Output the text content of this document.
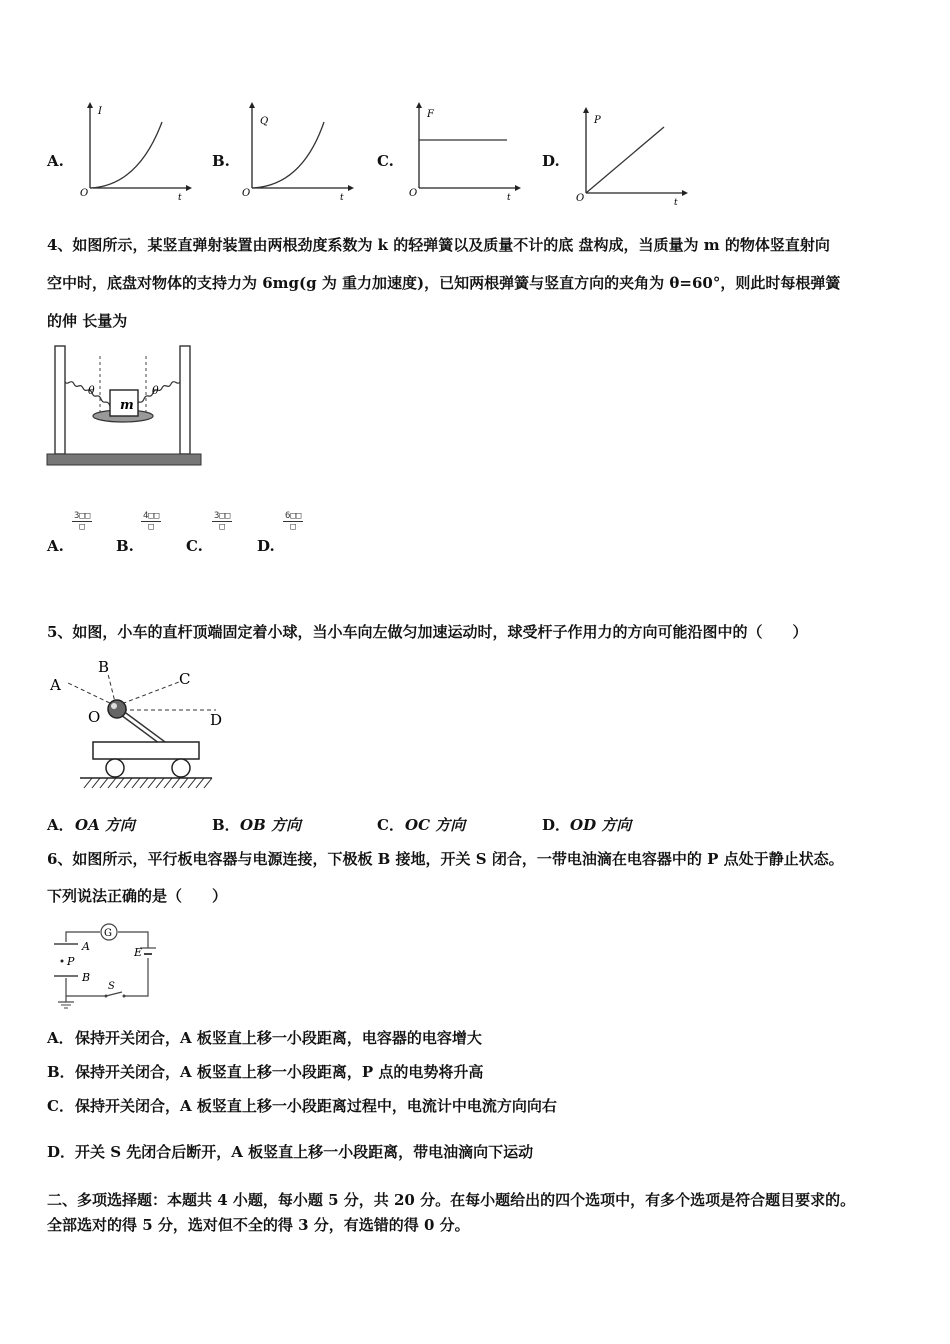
A.
I
t
O
B.
Q
t
O
C.
F
t
O
D.
P
t
O
4、如图所示，某竖直弹射装置由两根劲度系数为 k 的轻弹簧以及质量不计的底 盘构成，当质量为 m 的物体竖直射向
空中时，底盘对物体的支持力为 6mg(g 为 重力加速度)，已知两根弹簧与竖直方向的夹角为 θ=60°，则此时每根弹簧
的伸 长量为
m
θ	θ
A.
3□□
□
B.
4□□
□
C.
3□□
□
D.
6□□
□
5、如图，小车的直杆顶端固定着小球，当小车向左做匀加速运动时，球受杆子作用力的方向可能沿图中的（　　）
A
B
C
D
O
A． OA 方向	B． OB 方向	C． OC 方向	D． OD 方向
6、如图所示，平行板电容器与电源连接，下极板 B 接地，开关 S 闭合，一带电油滴在电容器中的 P 点处于静止状态。
下列说法正确的是（　　）
G
E
A
B
P
S
A． 保持开关闭合，A 板竖直上移一小段距离，电容器的电容增大
B． 保持开关闭合，A 板竖直上移一小段距离，P 点的电势将升高
C． 保持开关闭合，A 板竖直上移一小段距离过程中，电流计中电流方向向右
D． 开关 S 先闭合后断开，A 板竖直上移一小段距离，带电油滴向下运动
二、多项选择题：本题共 4 小题，每小题 5 分，共 20 分。在每小题给出的四个选项中，有多个选项是符合题目要求的。
全部选对的得 5 分，选对但不全的得 3 分，有选错的得 0 分。
